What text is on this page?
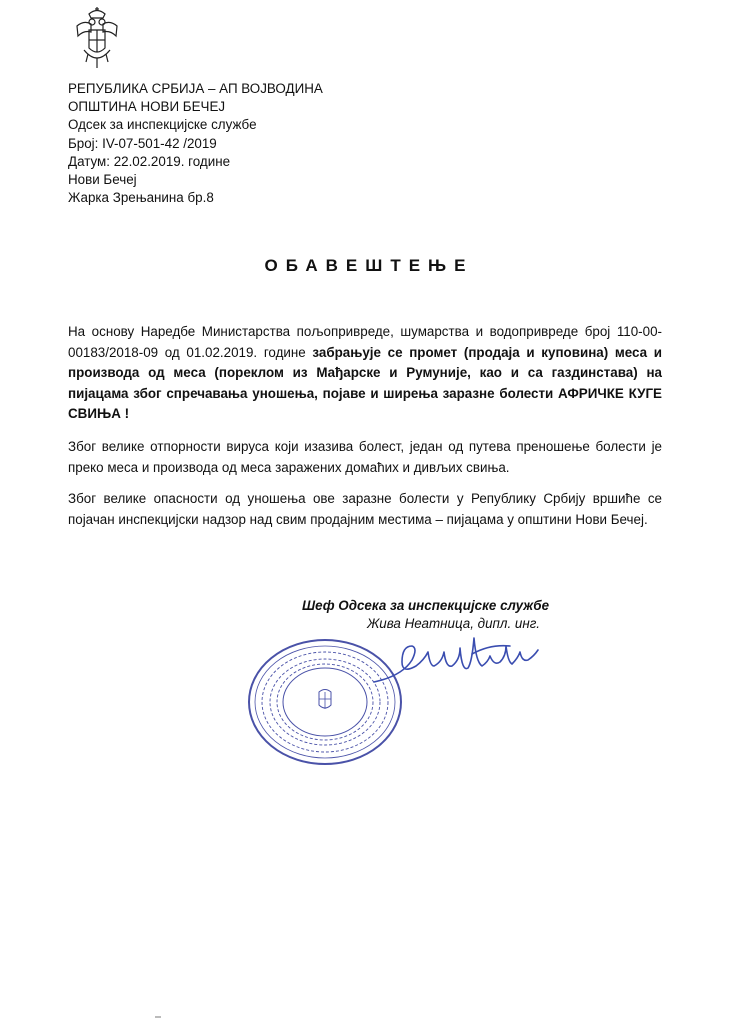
РЕПУБЛИКА СРБИЈА – АП ВОЈВОДИНА
ОПШТИНА НОВИ БЕЧЕЈ
Одсек за инспекцијске службе
Број: IV-07-501-42 /2019
Датум: 22.02.2019. године
Нови Бечеј
Жарка Зрењанина бр.8
ОБАВЕШТЕЊЕ
На основу Наредбе Министарства пољопривреде, шумарства и водопривреде број 110-00-00183/2018-09 од 01.02.2019. године забрањује се промет (продаја и куповина) меса и производа од меса (пореклом из Мађарске и Румуније, као и са газдинстава) на пијацама због спречавања уношења, појаве и ширења заразне болести АФРИЧКЕ КУГЕ СВИЊА !
Због велике отпорности вируса који изазива болест, један од путева преношење болести је преко меса и производа од меса заражених домаћих и дивљих свиња.
Због велике опасности од уношења ове заразне болести у Републику Србију вршиће се појачан инспекцијски надзор над свим продајним местима – пијацама у општини Нови Бечеј.
Шеф Одсека за инспекцијске службе
Жива Неатница, дипл. инг.
